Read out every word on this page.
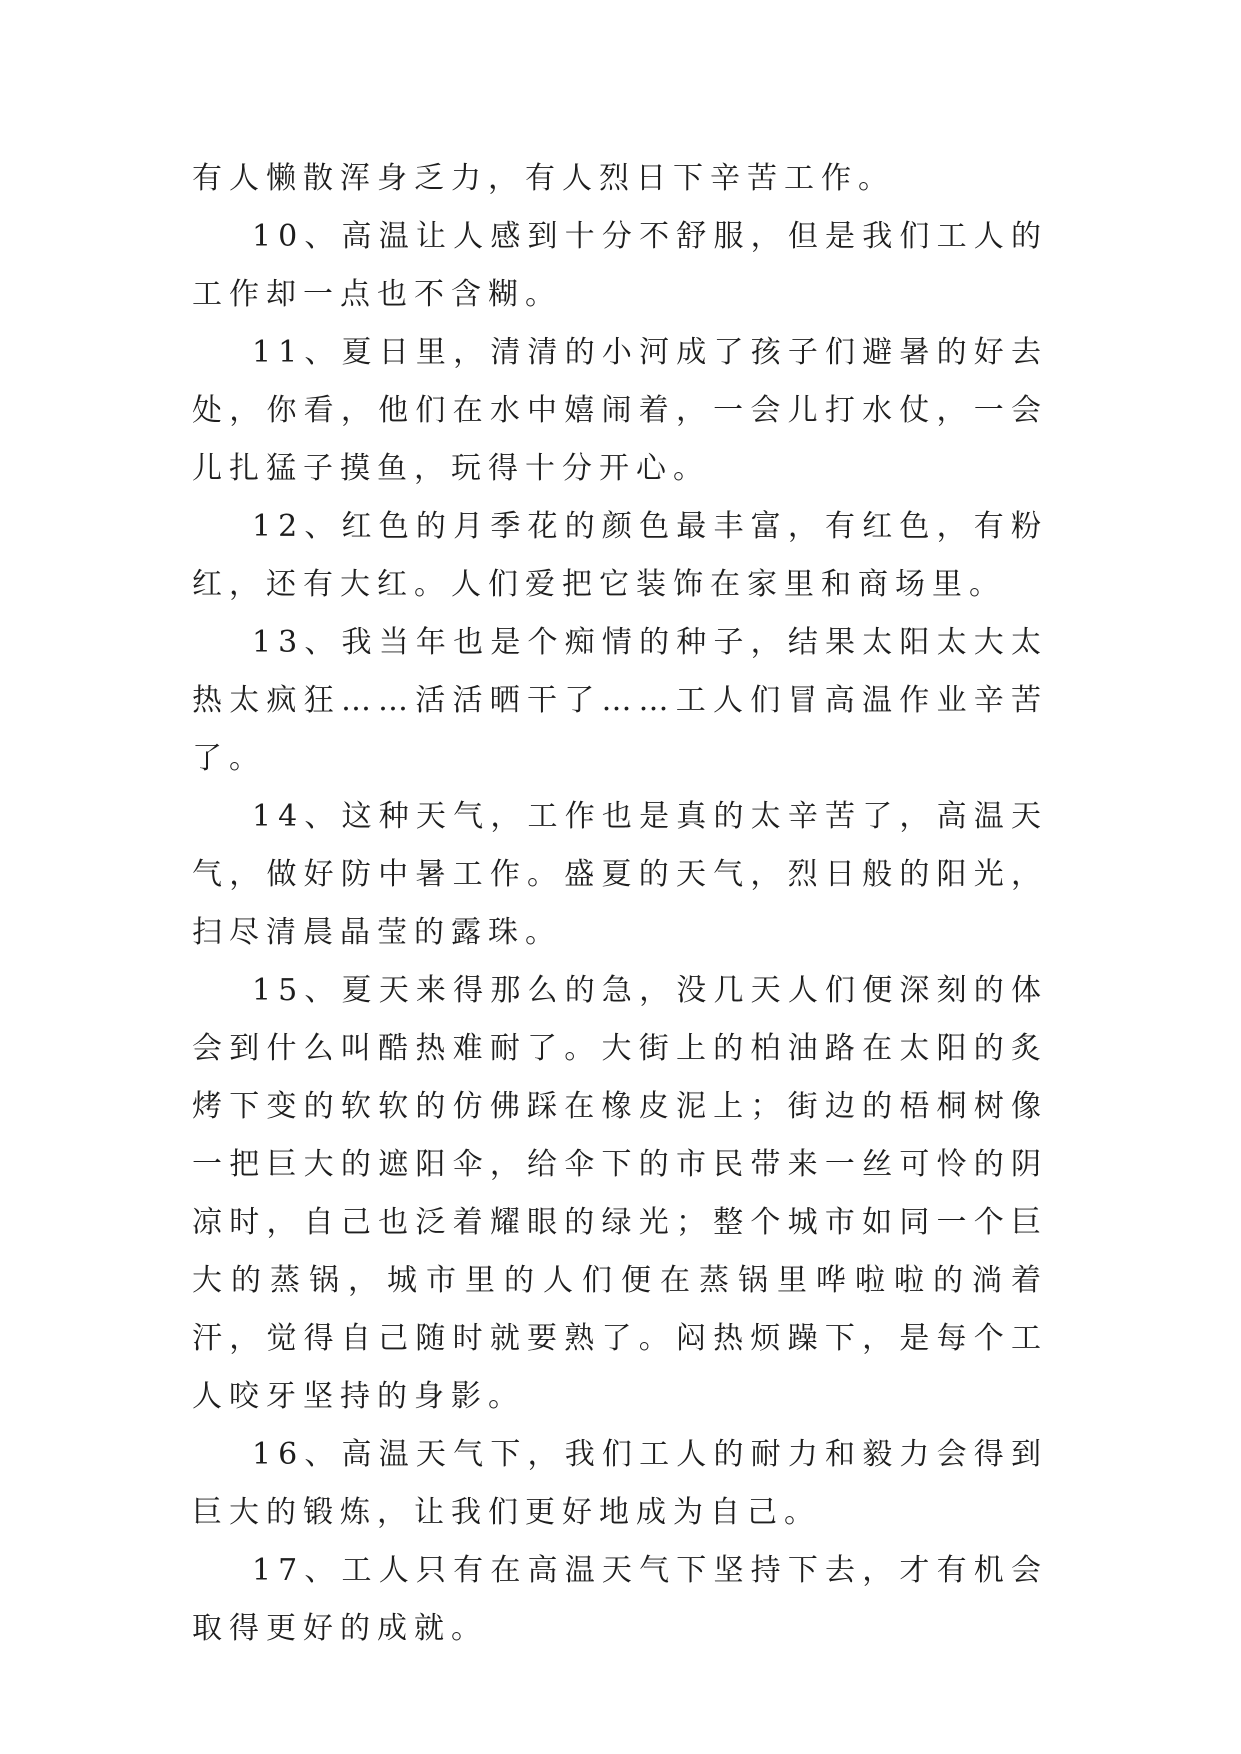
有人懒散浑身乏力，有人烈日下辛苦工作。

10、高温让人感到十分不舒服，但是我们工人的工作却一点也不含糊。

11、夏日里，清清的小河成了孩子们避暑的好去处，你看，他们在水中嬉闹着，一会儿打水仗，一会儿扎猛子摸鱼，玩得十分开心。

12、红色的月季花的颜色最丰富，有红色，有粉红，还有大红。人们爱把它装饰在家里和商场里。

13、我当年也是个痴情的种子，结果太阳太大太热太疯狂……活活晒干了……工人们冒高温作业辛苦了。

14、这种天气，工作也是真的太辛苦了，高温天气，做好防中暑工作。盛夏的天气，烈日般的阳光，扫尽清晨晶莹的露珠。

15、夏天来得那么的急，没几天人们便深刻的体会到什么叫酷热难耐了。大街上的柏油路在太阳的炙烤下变的软软的仿佛踩在橡皮泥上；街边的梧桐树像一把巨大的遮阳伞，给伞下的市民带来一丝可怜的阴凉时，自己也泛着耀眼的绿光；整个城市如同一个巨大的蒸锅，城市里的人们便在蒸锅里哗啦啦的淌着汗，觉得自己随时就要熟了。闷热烦躁下，是每个工人咬牙坚持的身影。

16、高温天气下，我们工人的耐力和毅力会得到巨大的锻炼，让我们更好地成为自己。

17、工人只有在高温天气下坚持下去，才有机会取得更好的成就。
